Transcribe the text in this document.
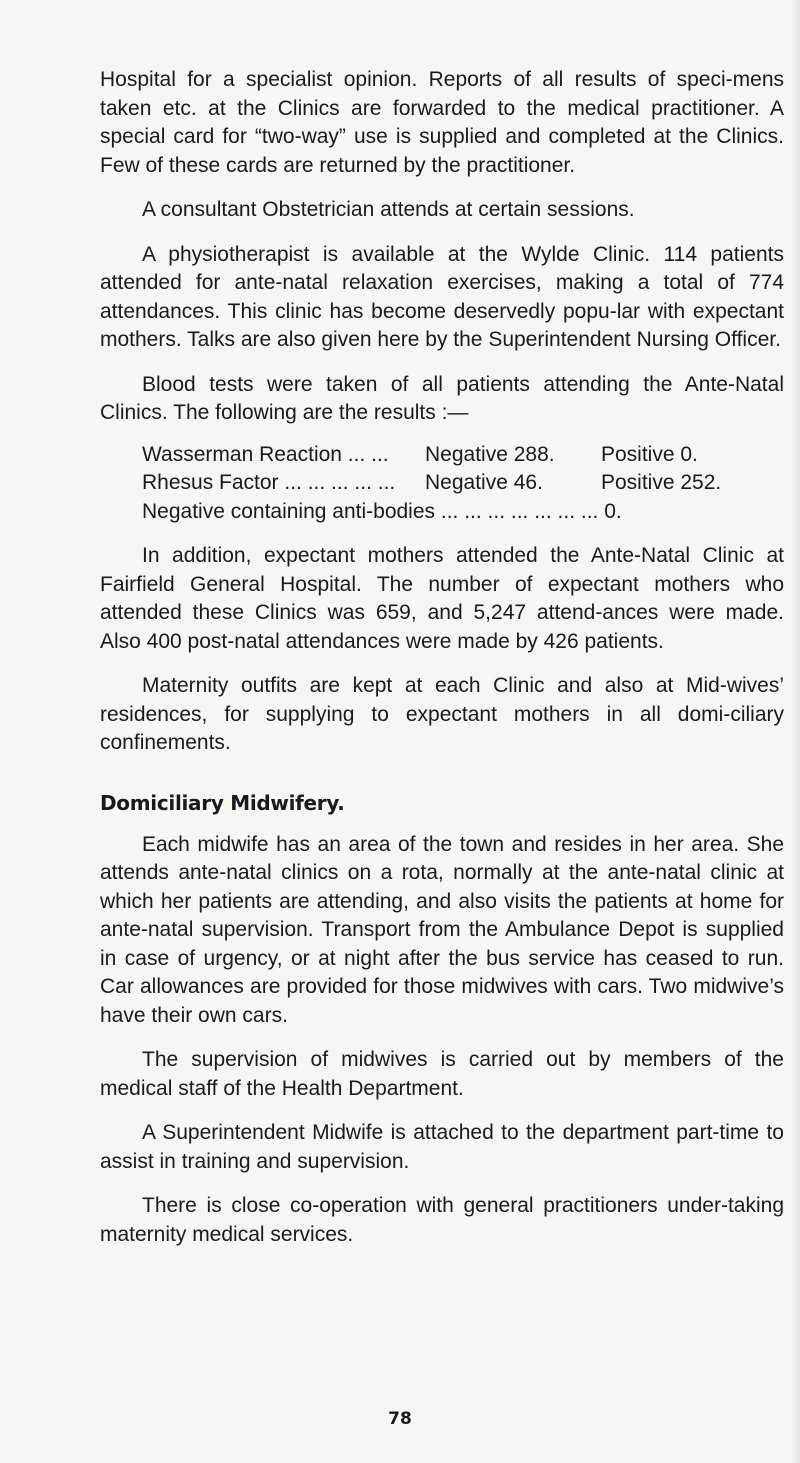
Hospital for a specialist opinion. Reports of all results of speci-mens taken etc. at the Clinics are forwarded to the medical practitioner. A special card for “two-way” use is supplied and completed at the Clinics. Few of these cards are returned by the practitioner.

A consultant Obstetrician attends at certain sessions.

A physiotherapist is available at the Wylde Clinic. 114 patients attended for ante-natal relaxation exercises, making a total of 774 attendances. This clinic has become deservedly popu-lar with expectant mothers. Talks are also given here by the Superintendent Nursing Officer.

Blood tests were taken of all patients attending the Ante-Natal Clinics. The following are the results :—

Wasserman Reaction ... ...	Negative 288.	Positive 0.
Rhesus Factor ... ... ... ... ...	Negative 46.	Positive 252.
Negative containing anti-bodies ... ... ... ... ... ... ... 0.

In addition, expectant mothers attended the Ante-Natal Clinic at Fairfield General Hospital. The number of expectant mothers who attended these Clinics was 659, and 5,247 attend-ances were made. Also 400 post-natal attendances were made by 426 patients.

Maternity outfits are kept at each Clinic and also at Mid-wives’ residences, for supplying to expectant mothers in all domi-ciliary confinements.

Domiciliary Midwifery.

Each midwife has an area of the town and resides in her area. She attends ante-natal clinics on a rota, normally at the ante-natal clinic at which her patients are attending, and also visits the patients at home for ante-natal supervision. Transport from the Ambulance Depot is supplied in case of urgency, or at night after the bus service has ceased to run. Car allowances are provided for those midwives with cars. Two midwive’s have their own cars.

The supervision of midwives is carried out by members of the medical staff of the Health Department.

A Superintendent Midwife is attached to the department part-time to assist in training and supervision.

There is close co-operation with general practitioners under-taking maternity medical services.

78
